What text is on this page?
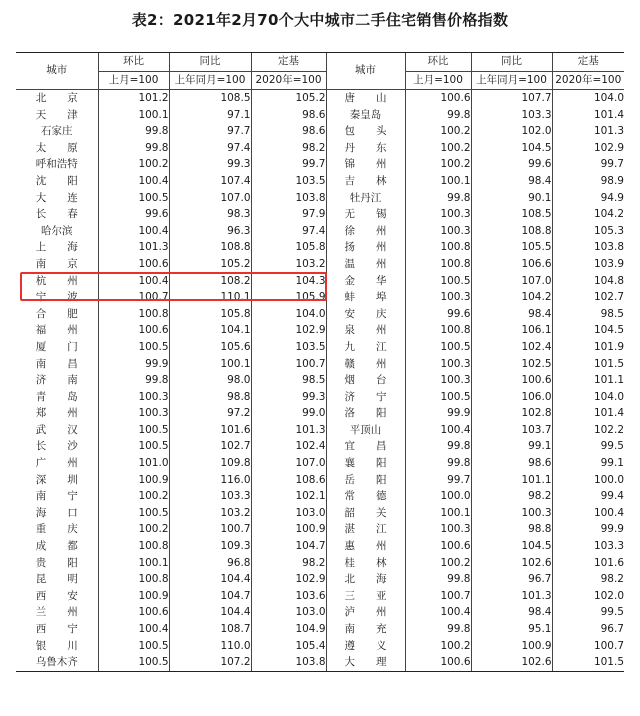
表2：2021年2月70个大中城市二手住宅销售价格指数
城市	环比	同比	定基	城市	环比	同比	定基
	上月=100	上年同月=100	2020年=100		上月=100	上年同月=100	2020年=100
北　　京	101.2	108.5	105.2	唐　　山	100.6	107.7	104.0
天　　津	100.1	97.1	98.6	秦皇岛	99.8	103.3	101.4
石家庄	99.8	97.7	98.6	包　　头	100.2	102.0	101.3
太　　原	99.8	97.4	98.2	丹　　东	100.2	104.5	102.9
呼和浩特	100.2	99.3	99.7	锦　　州	100.2	99.6	99.7
沈　　阳	100.4	107.4	103.5	吉　　林	100.1	98.4	98.9
大　　连	100.5	107.0	103.8	牡丹江	99.8	90.1	94.9
长　　春	99.6	98.3	97.9	无　　锡	100.3	108.5	104.2
哈尔滨	100.4	96.3	97.4	徐　　州	100.3	108.8	105.3
上　　海	101.3	108.8	105.8	扬　　州	100.8	105.5	103.8
南　　京	100.6	105.2	103.2	温　　州	100.8	106.6	103.9
杭　　州	100.4	108.2	104.3	金　　华	100.5	107.0	104.8
宁　　波	100.7	110.1	105.9	蚌　　埠	100.3	104.2	102.7
合　　肥	100.8	105.8	104.0	安　　庆	99.6	98.4	98.5
福　　州	100.6	104.1	102.9	泉　　州	100.8	106.1	104.5
厦　　门	100.5	105.6	103.5	九　　江	100.5	102.4	101.9
南　　昌	99.9	100.1	100.7	赣　　州	100.3	102.5	101.5
济　　南	99.8	98.0	98.5	烟　　台	100.3	100.6	101.1
青　　岛	100.3	98.8	99.3	济　　宁	100.5	106.0	104.0
郑　　州	100.3	97.2	99.0	洛　　阳	99.9	102.8	101.4
武　　汉	100.5	101.6	101.3	平顶山	100.4	103.7	102.2
长　　沙	100.5	102.7	102.4	宜　　昌	99.8	99.1	99.5
广　　州	101.0	109.8	107.0	襄　　阳	99.8	98.6	99.1
深　　圳	100.9	116.0	108.6	岳　　阳	99.7	101.1	100.0
南　　宁	100.2	103.3	102.1	常　　德	100.0	98.2	99.4
海　　口	100.5	103.2	103.0	韶　　关	100.1	100.3	100.4
重　　庆	100.2	100.7	100.9	湛　　江	100.3	98.8	99.9
成　　都	100.8	109.3	104.7	惠　　州	100.6	104.5	103.3
贵　　阳	100.1	96.8	98.2	桂　　林	100.2	102.6	101.6
昆　　明	100.8	104.4	102.9	北　　海	99.8	96.7	98.2
西　　安	100.9	104.7	103.6	三　　亚	100.7	101.3	102.0
兰　　州	100.6	104.4	103.0	泸　　州	100.4	98.4	99.5
西　　宁	100.4	108.7	104.9	南　　充	99.8	95.1	96.7
银　　川	100.5	110.0	105.4	遵　　义	100.2	100.9	100.7
乌鲁木齐	100.5	107.2	103.8	大　　理	100.6	102.6	101.5
